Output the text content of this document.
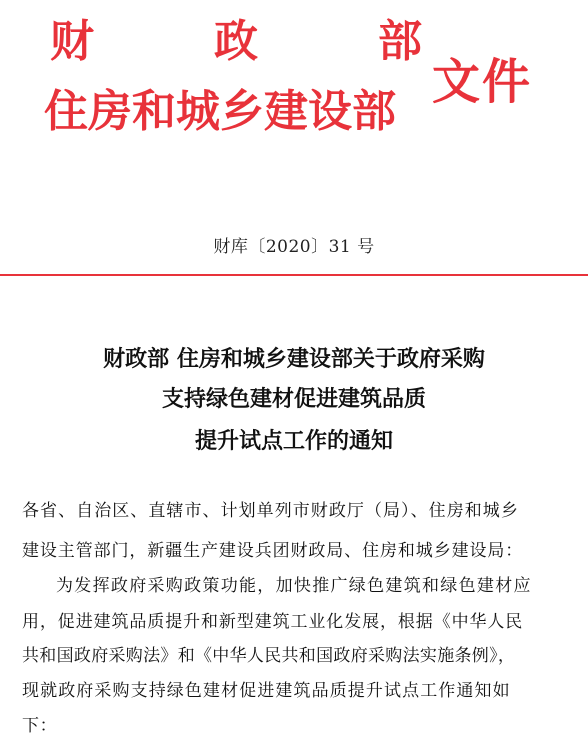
财	政	部
住房和城乡建设部
文件
财库〔2020〕31 号
财政部 住房和城乡建设部关于政府采购
支持绿色建材促进建筑品质
提升试点工作的通知
各省、自治区、直辖市、计划单列市财政厅（局）、住房和城乡
建设主管部门，新疆生产建设兵团财政局、住房和城乡建设局：
为发挥政府采购政策功能，加快推广绿色建筑和绿色建材应
用，促进建筑品质提升和新型建筑工业化发展，根据《中华人民
共和国政府采购法》和《中华人民共和国政府采购法实施条例》，
现就政府采购支持绿色建材促进建筑品质提升试点工作通知如
下：
